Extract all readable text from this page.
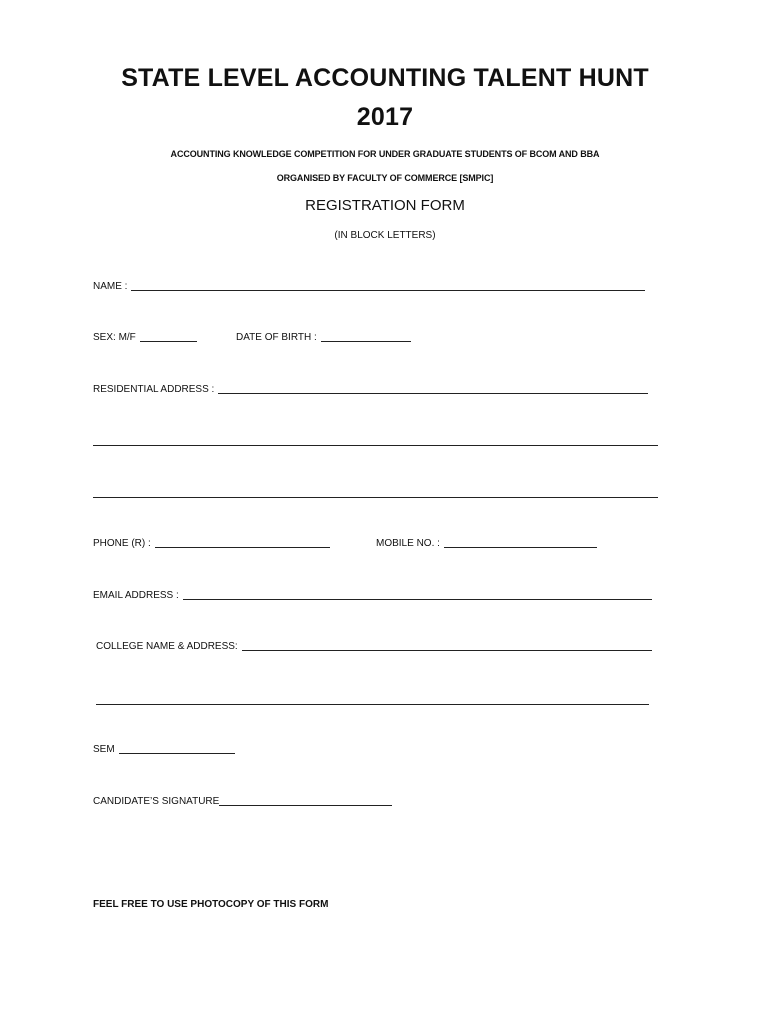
STATE LEVEL ACCOUNTING TALENT HUNT
2017
ACCOUNTING KNOWLEDGE COMPETITION FOR UNDER GRADUATE STUDENTS OF BCOM AND BBA
ORGANISED BY FACULTY OF COMMERCE [SMPIC]
REGISTRATION FORM
(IN BLOCK LETTERS)
NAME :
SEX: M/F	DATE OF BIRTH :
RESIDENTIAL ADDRESS :
PHONE (R) :	MOBILE NO. :
EMAIL ADDRESS :
COLLEGE NAME & ADDRESS:
SEM
CANDIDATE’S SIGNATURE
FEEL FREE TO USE PHOTOCOPY OF THIS FORM
